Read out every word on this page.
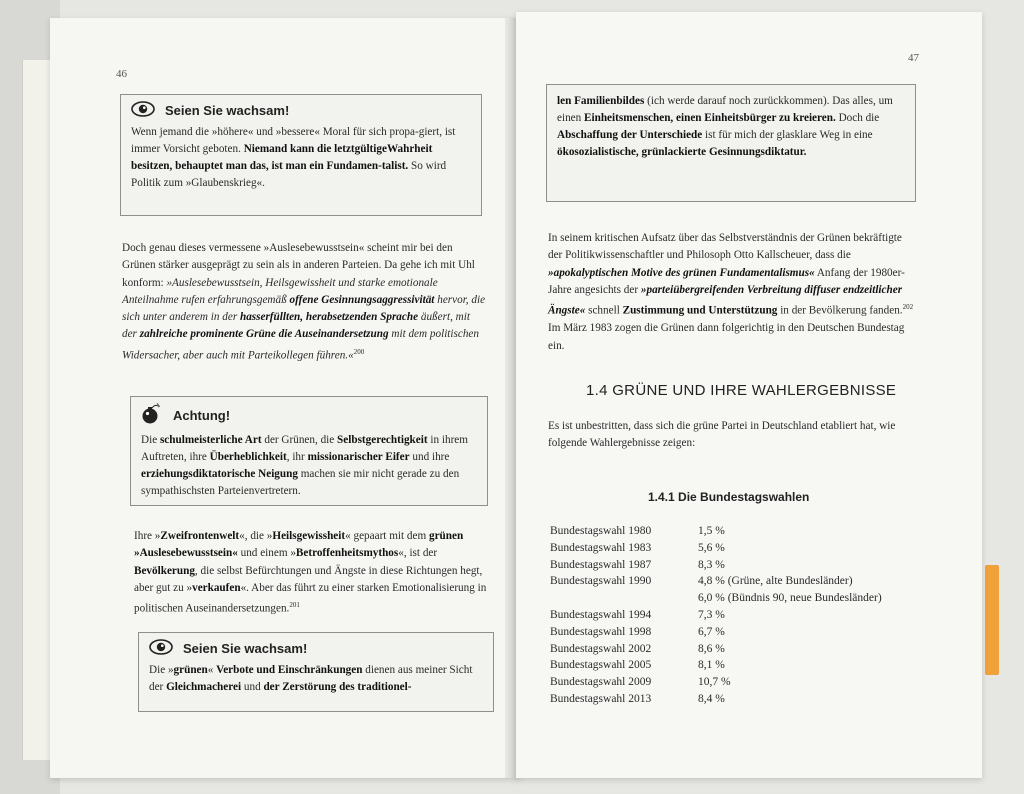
46
Seien Sie wachsam!

Wenn jemand die »höhere« und »bessere« Moral für sich propa-giert, ist immer Vorsicht geboten. Niemand kann die letztgültigeWahrheit besitzen, behauptet man das, ist man ein Fundamen-talist. So wird Politik zum »Glaubenskrieg«.

Doch genau dieses vermessene »Auslesebewusstsein« scheint mir bei den Grünen stärker ausgeprägt zu sein als in anderen Parteien. Da gehe ich mit Uhl konform: »Auslesebewusstsein, Heilsgewissheit und starke emotionale Anteilnahme rufen erfahrungsgemäß offene Gesinnungsaggressivität hervor, die sich unter anderem in der hasserfüllten, herabsetzenden Sprache äußert, mit der zahlreiche prominente Grüne die Auseinandersetzung mit dem politischen Widersacher, aber auch mit Parteikollegen führen.«$^{200}$

Achtung!

Die schulmeisterliche Art der Grünen, die Selbstgerechtigkeit in ihrem Auftreten, ihre Überheblichkeit, ihr missionarischer Eifer und ihre erziehungsdiktatorische Neigung machen sie mir nicht gerade zu den sympathischsten Parteienvertretern.

Ihre »Zweifrontenwelt«, die »Heilsgewissheit« gepaart mit dem grünen »Auslesebewusstsein« und einem »Betroffenheitsmythos«, ist der Bevölkerung, die selbst Befürchtungen und Ängste in diese Richtungen hegt, aber gut zu »verkaufen«. Aber das führt zu einer starken Emotionalisierung in politischen Auseinandersetzungen.$^{201}$

Seien Sie wachsam!

Die »grünen« Verbote und Einschränkungen dienen aus meiner Sicht der Gleichmacherei und der Zerstörung des traditionel-

47

len Familienbildes (ich werde darauf noch zurückkommen). Das alles, um einen Einheitsmenschen, einen Einheitsbürger zu kreieren. Doch die Abschaffung der Unterschiede ist für mich der glasklare Weg in eine ökosozialistische, grünlackierte Gesinnungsdiktatur.

In seinem kritischen Aufsatz über das Selbstverständnis der Grünen bekräftigte der Politikwissenschaftler und Philosoph Otto Kallscheuer, dass die »apokalyptischen Motive des grünen Fundamentalismus« Anfang der 1980er-Jahre angesichts der »parteiübergreifenden Verbreitung diffuser endzeitlicher Ängste« schnell Zustimmung und Unterstützung in der Bevölkerung fanden.$^{202}$ Im März 1983 zogen die Grünen dann folgerichtig in den Deutschen Bundestag ein.

1.4 GRÜNE UND IHRE WAHLERGEBNISSE

Es ist unbestritten, dass sich die grüne Partei in Deutschland etabliert hat, wie folgende Wahlergebnisse zeigen:

1.4.1 Die Bundestagswahlen
Bundestagswahl 1980	1,5 %
Bundestagswahl 1983	5,6 %
Bundestagswahl 1987	8,3 %
Bundestagswahl 1990	4,8 % (Grüne, alte Bundesländer)
6,0 % (Bündnis 90, neue Bundesländer)
Bundestagswahl 1994	7,3 %
Bundestagswahl 1998	6,7 %
Bundestagswahl 2002	8,6 %
Bundestagswahl 2005	8,1 %
Bundestagswahl 2009	10,7 %
Bundestagswahl 2013	8,4 %
